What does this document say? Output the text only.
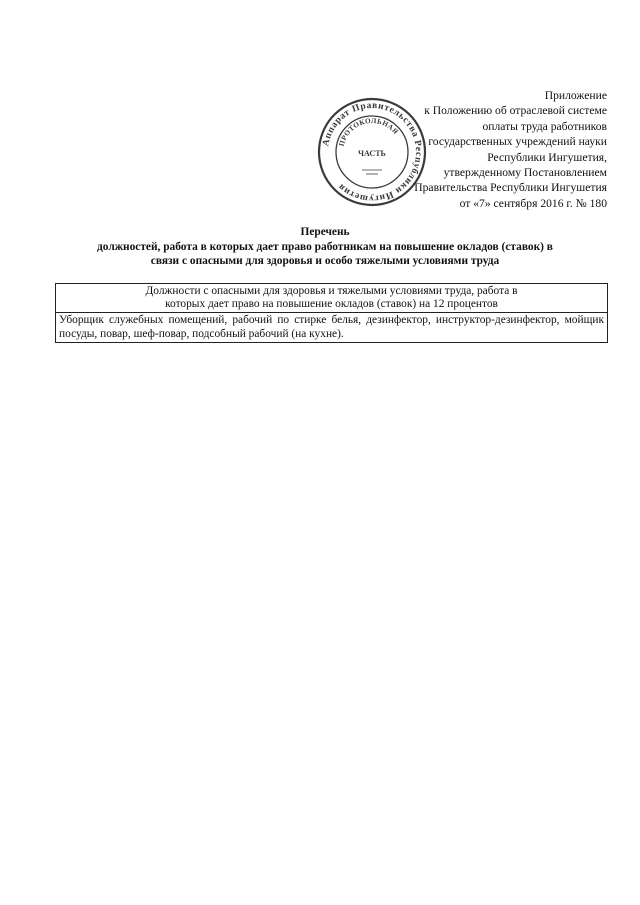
Приложение
к Положению об отраслевой системе
оплаты труда работников
государственных учреждений науки
Республики Ингушетия,
утвержденному Постановлением
Правительства Республики Ингушетия
от «7» сентября 2016 г. № 180
Аппарат Правительства Республики Ингушетия
ПРОТОКОЛЬНАЯ
ЧАСТЬ
Перечень
должностей, работа в которых дает право работникам на повышение окладов (ставок) в
связи с опасными для здоровья и особо тяжелыми условиями труда
Должности с опасными для здоровья и тяжелыми условиями труда, работа в
которых дает право на повышение окладов (ставок) на 12 процентов

Уборщик служебных помещений, рабочий по стирке белья, дезинфектор, инструктор-дезинфектор, мойщик посуды, повар, шеф-повар, подсобный рабочий (на кухне).
